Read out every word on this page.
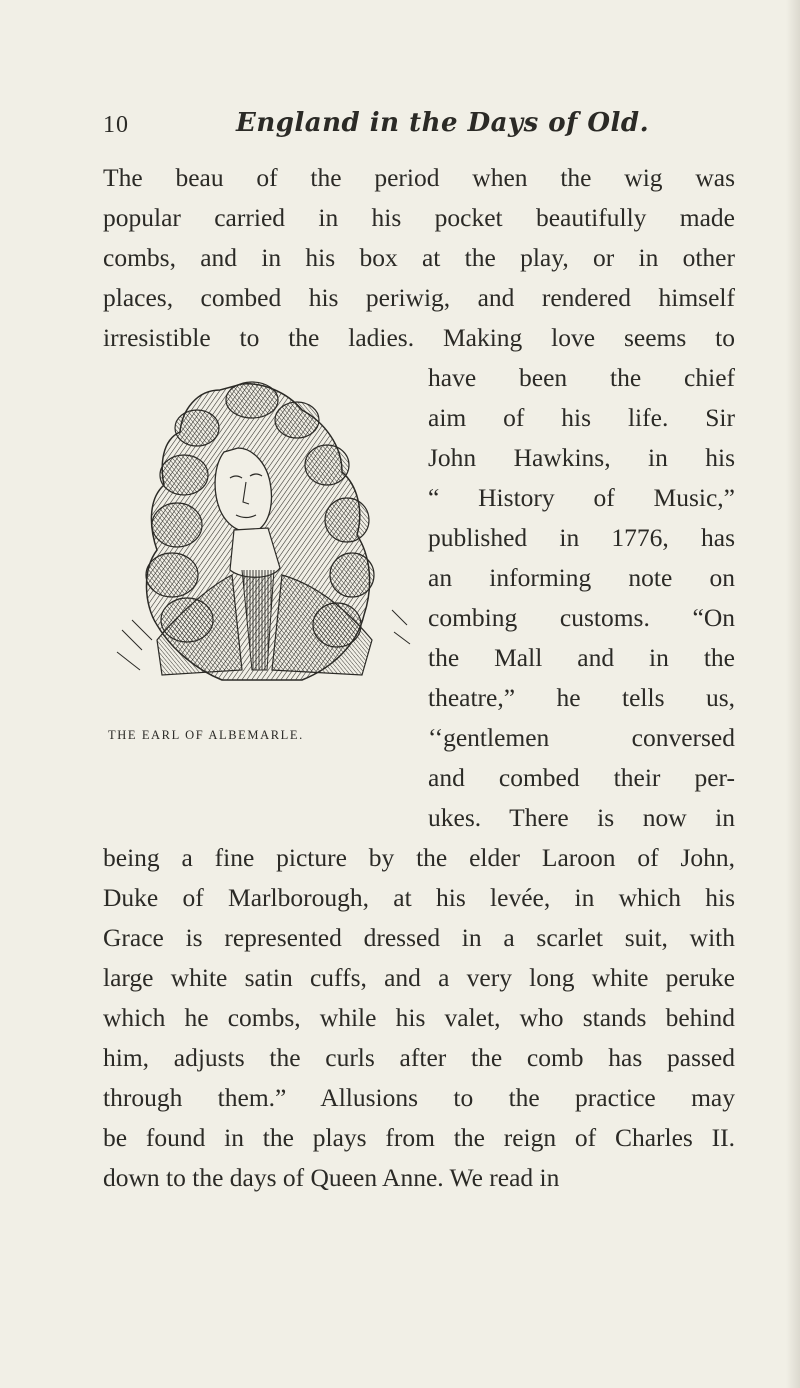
10	England in the Days of Old.
The beau of the period when the wig was
popular carried in his pocket beautifully made
combs, and in his box at the play, or in other
places, combed his periwig, and rendered himself
irresistible to the ladies. Making love seems to
have been the chief
aim of his life. Sir
John Hawkins, in his
“ History of Music,”
published in 1776, has
an informing note on
combing customs. “On
the Mall and in the
theatre,” he tells us,
‘‘gentlemen conversed
and combed their per-
ukes. There is now in
being a fine picture by the elder Laroon of John,
Duke of Marlborough, at his levée, in which his
Grace is represented dressed in a scarlet suit, with
large white satin cuffs, and a very long white peruke
which he combs, while his valet, who stands behind
him, adjusts the curls after the comb has passed
through them.” Allusions to the practice may
be found in the plays from the reign of Charles II.
down to the days of Queen Anne. We read in
THE EARL OF ALBEMARLE.
